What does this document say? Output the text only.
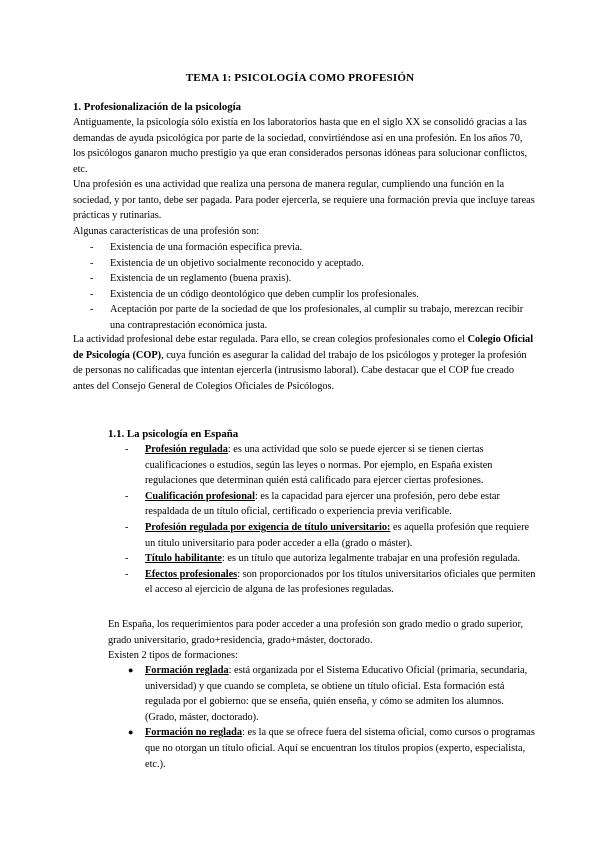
TEMA 1: PSICOLOGÍA COMO PROFESIÓN
1. Profesionalización de la psicología

Antiguamente, la psicología sólo existía en los laboratorios hasta que en el siglo XX se consolidó gracias a las demandas de ayuda psicológica por parte de la sociedad, convirtiéndose así en una profesión. En los años 70, los psicólogos ganaron mucho prestigio ya que eran considerados personas idóneas para solucionar conflictos, etc.

Una profesión es una actividad que realiza una persona de manera regular, cumpliendo una función en la sociedad, y por tanto, debe ser pagada. Para poder ejercerla, se requiere una formación previa que incluye tareas prácticas y rutinarias.

Algunas características de una profesión son:

- Existencia de una formación específica previa.
- Existencia de un objetivo socialmente reconocido y aceptado.
- Existencia de un reglamento (buena praxis).
- Existencia de un código deontológico que deben cumplir los profesionales.
- Aceptación por parte de la sociedad de que los profesionales, al cumplir su trabajo, merezcan recibir una contraprestación económica justa.

La actividad profesional debe estar regulada. Para ello, se crean colegios profesionales como el Colegio Oficial de Psicología (COP), cuya función es asegurar la calidad del trabajo de los psicólogos y proteger la profesión de personas no calificadas que intentan ejercerla (intrusismo laboral). Cabe destacar que el COP fue creado antes del Consejo General de Colegios Oficiales de Psicólogos.

1.1. La psicología en España
- Profesión regulada: es una actividad que solo se puede ejercer si se tienen ciertas cualificaciones o estudios, según las leyes o normas. Por ejemplo, en España existen regulaciones que determinan quién está calificado para ejercer ciertas profesiones.
- Cualificación profesional: es la capacidad para ejercer una profesión, pero debe estar respaldada de un título oficial, certificado o experiencia previa verificable.
- Profesión regulada por exigencia de título universitario: es aquella profesión que requiere un título universitario para poder acceder a ella (grado o máster).
- Título habilitante: es un título que autoriza legalmente trabajar en una profesión regulada.
- Efectos profesionales: son proporcionados por los títulos universitarios oficiales que permiten el acceso al ejercicio de alguna de las profesiones reguladas.

En España, los requerimientos para poder acceder a una profesión son grado medio o grado superior, grado universitario, grado+residencia, grado+máster, doctorado.

Existen 2 tipos de formaciones:

● Formación reglada: está organizada por el Sistema Educativo Oficial (primaria, secundaria, universidad) y que cuando se completa, se obtiene un título oficial. Esta formación está regulada por el gobierno: que se enseña, quién enseña, y cómo se admiten los alumnos. (Grado, máster, doctorado).
● Formación no reglada: es la que se ofrece fuera del sistema oficial, como cursos o programas que no otorgan un título oficial. Aquí se encuentran los títulos propios (experto, especialista, etc.).
